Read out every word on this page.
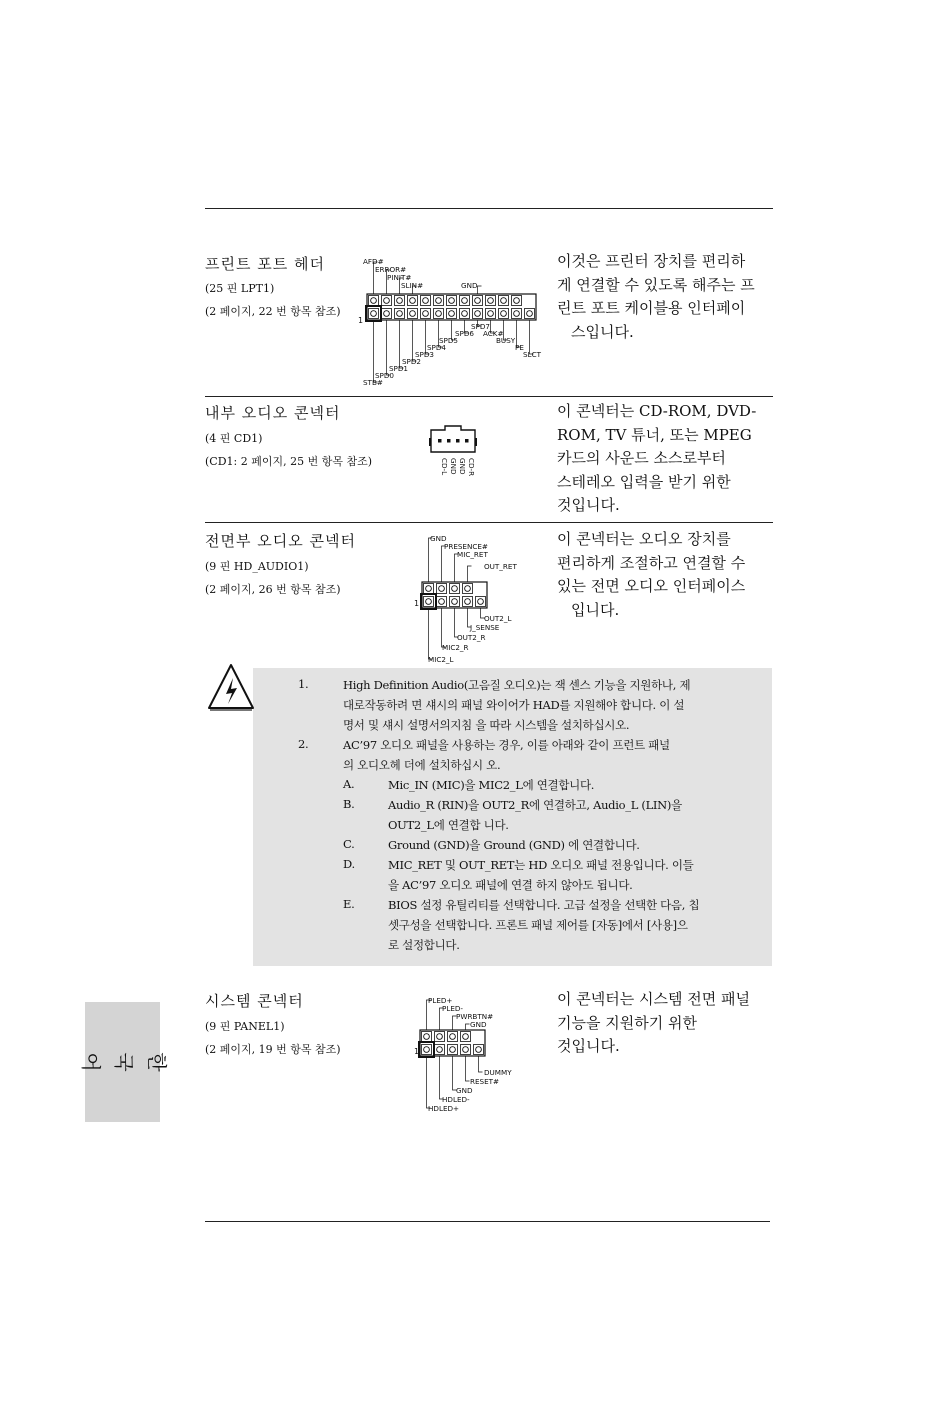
프린트 포트 헤더
(25 핀 LPT1)
(2 페이지, 22 번 항목 참조)
이것은 프린터 장치를 편리하
게 연결할 수 있도록 해주는 프
린트 포트 케이블용 인터페이
스입니다.
AFD#
ERROR#
PINIT#
SLIN#	GND
1
SPD7
SPD6 ACK#
SPD5	BUSY
SPD4	PE
SPD3	SLCT
SPD2
SPD1
SPD0
STB#
내부 오디오 콘넥터
(4 핀 CD1)
(CD1: 2 페이지, 25 번 항목 참조)
이 콘넥터는 CD-ROM, DVD-
ROM, TV 튜너, 또는 MPEG
카드의 사운드 소스로부터
스테레오 입력을 받기 위한
것입니다.
CD-L GND GND CD-R
전면부 오디오 콘넥터
(9 핀 HD_AUDIO1)
(2 페이지, 26 번 항목 참조)
이 콘넥터는 오디오 장치를
편리하게 조절하고 연결할 수
있는 전면 오디오 인터페이스
입니다.
GND
PRESENCE#
MIC_RET
OUT_RET
1
OUT2_L
J_SENSE
OUT2_R
MIC2_R
MIC2_L
1.	High Definition Audio(고음질 오디오)는 잭 센스 기능을 지원하나, 제
대로작동하려 면 섀시의 패널 와이어가 HAD를 지원해야 합니다. 이 설
명서 및 섀시 설명서의지침 을 따라 시스템을 설치하십시오.
2.	AC’97 오디오 패널을 사용하는 경우, 이를 아래와 같이 프런트 패널
의 오디오헤 더에 설치하십시 오.
A.	Mic_IN (MIC)을 MIC2_L에 연결합니다.
B.	Audio_R (RIN)을 OUT2_R에 연결하고, Audio_L (LIN)을
OUT2_L에 연결합 니다.
C.	Ground (GND)을 Ground (GND) 에 연결합니다.
D.	MIC_RET 및 OUT_RET는 HD 오디오 패널 전용입니다. 이들
을 AC’97 오디오 패널에 연결 하지 않아도 됩니다.
E.	BIOS 설정 유틸리티를 선택합니다. 고급 설정을 선택한 다음, 칩
셋구성을 선택합니다. 프론트 패널 제어를 [자동]에서 [사용]으
로 설정합니다.
시스템 콘넥터
(9 핀 PANEL1)
(2 페이지, 19 번 항목 참조)
이 콘넥터는 시스템 전면 패널
기능을 지원하기 위한
것입니다.
PLED+
PLED-
PWRBTN#
GND
1
DUMMY
RESET#
GND
HDLED-
HDLED+
한
국
어
